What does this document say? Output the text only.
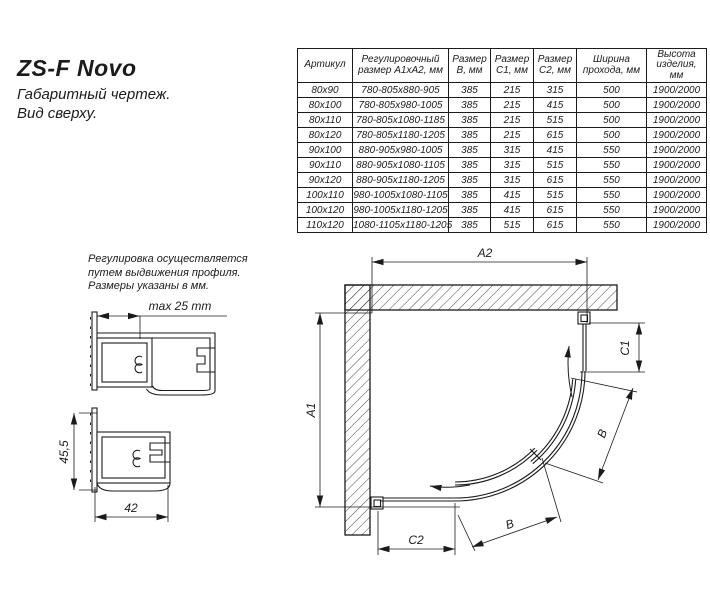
ZS-F Novo
Габаритный чертеж.
Вид сверху.
Артикул	Регулировочный
размер A1xA2, мм

Размер
B, мм

Размер
C1, мм

Размер
C2, мм

Ширина
прохода, мм

Высота
изделия,
мм

80x90	780-805x880-905	385	215	315	500	1900/2000
80x100	780-805x980-1005	385	215	415	500	1900/2000
80x110	780-805x1080-1185	385	215	515	500	1900/2000
80x120	780-805x1180-1205	385	215	615	500	1900/2000
90x100	880-905x980-1005	385	315	415	550	1900/2000
90x110	880-905x1080-1105	385	315	515	550	1900/2000
90x120	880-905x1180-1205	385	315	615	550	1900/2000
100x110	980-1005x1080-1105	385	415	515	550	1900/2000
100x120	980-1005x1180-1205	385	415	615	550	1900/2000
110x120	1080-1105x1180-1205	385	515	615	550	1900/2000
Регулировка осуществляется
путем выдвижения профиля.
Размеры указаны в мм.
max 25 mm
45,5
42
A2
A1
C1
C2
B
B
